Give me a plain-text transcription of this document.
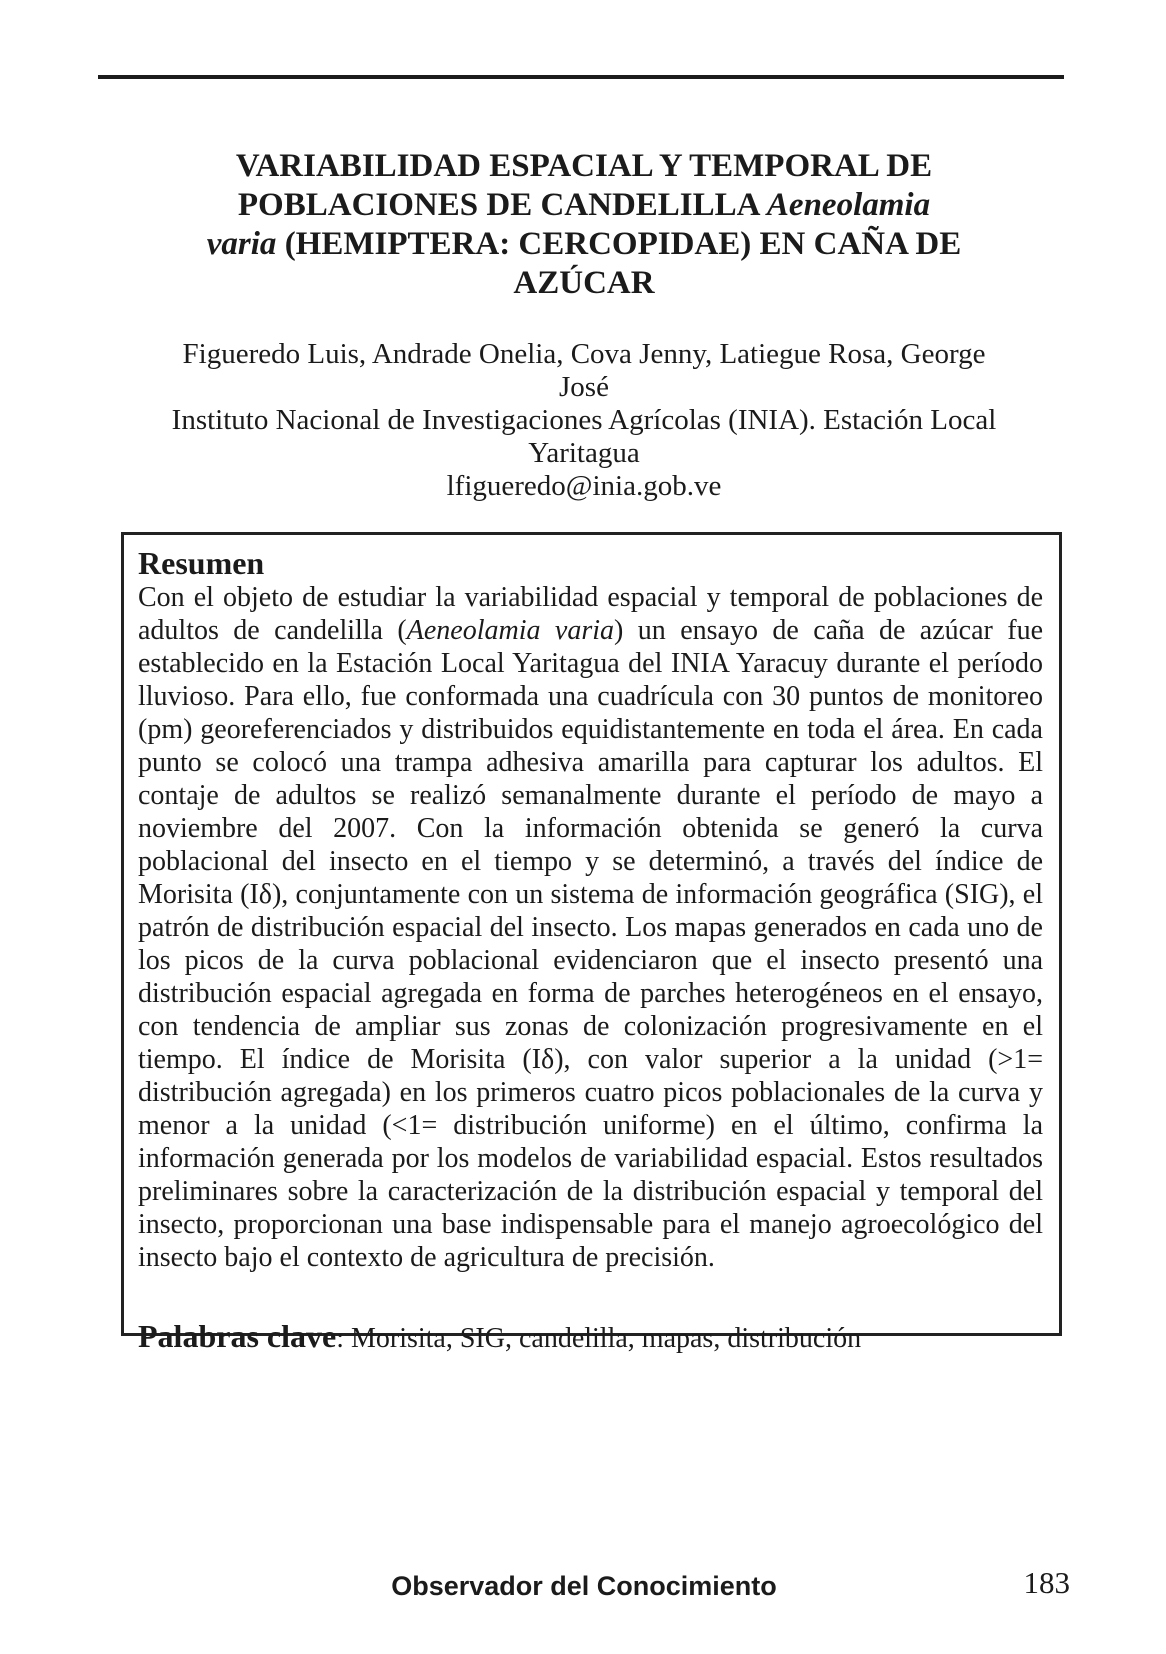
VARIABILIDAD ESPACIAL Y TEMPORAL DE
POBLACIONES DE CANDELILLA Aeneolamia
varia (HEMIPTERA: CERCOPIDAE) EN CAÑA DE
AZÚCAR
Figueredo Luis, Andrade Onelia, Cova Jenny, Latiegue Rosa, George
José
Instituto Nacional de Investigaciones Agrícolas (INIA). Estación Local
Yaritagua
lfigueredo@inia.gob.ve
Resumen
Con el objeto de estudiar la variabilidad espacial y temporal de poblaciones de adultos de candelilla (Aeneolamia varia) un ensayo de caña de azúcar fue establecido en la Estación Local Yaritagua del INIA Yaracuy durante el período lluvioso. Para ello, fue conformada una cuadrícula con 30 puntos de monitoreo (pm) georeferenciados y distribuidos equidistantemente en toda el área. En cada punto se colocó una trampa adhesiva amarilla para capturar los adultos. El contaje de adultos se realizó semanalmente durante el período de mayo a noviembre del 2007. Con la información obtenida se generó la curva poblacional del insecto en el tiempo y se determinó, a través del índice de Morisita (Iδ), conjuntamente con un sistema de información geográfica (SIG), el patrón de distribución espacial del insecto. Los mapas generados en cada uno de los picos de la curva poblacional evidenciaron que el insecto presentó una distribución espacial agregada en forma de parches heterogéneos en el ensayo, con tendencia de ampliar sus zonas de colonización progresivamente en el tiempo. El índice de Morisita (Iδ), con valor superior a la unidad (>1= distribución agregada) en los primeros cuatro picos poblacionales de la curva y menor a la unidad (<1= distribución uniforme) en el último, confirma la información generada por los modelos de variabilidad espacial. Estos resultados preliminares sobre la caracterización de la distribución espacial y temporal del insecto, proporcionan una base indispensable para el manejo agroecológico del insecto bajo el contexto de agricultura de precisión.
Palabras clave: Morisita, SIG, candelilla, mapas, distribución
Observador del Conocimiento	183
